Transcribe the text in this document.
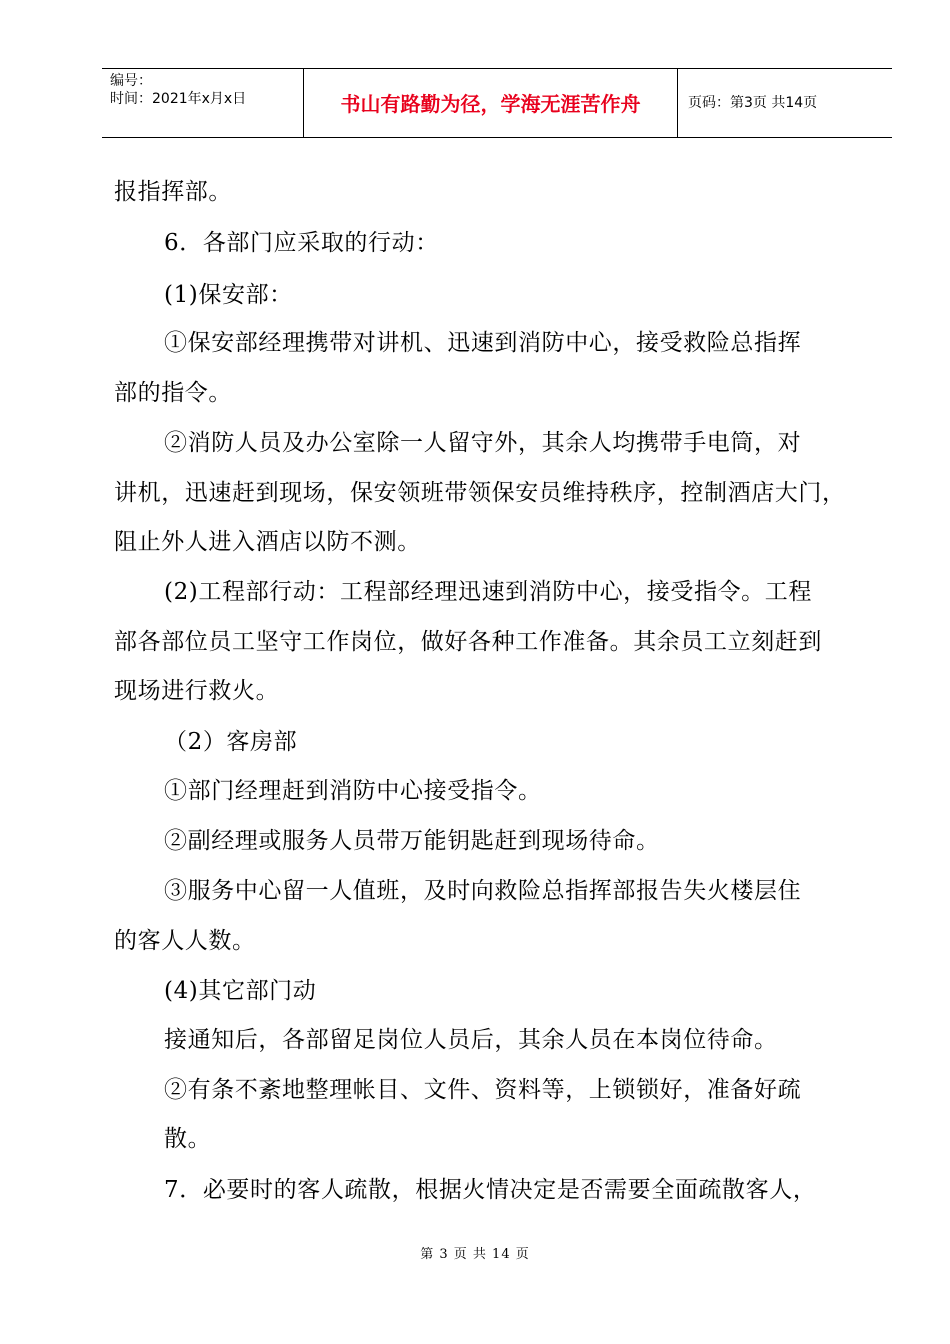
编号：
时间：2021年x月x日	书山有路勤为径，学海无涯苦作舟	页码：第3页 共14页
报指挥部。
6．各部门应采取的行动：
(1)保安部：
①保安部经理携带对讲机、迅速到消防中心，接受救险总指挥
部的指令。
②消防人员及办公室除一人留守外，其余人均携带手电筒，对
讲机，迅速赶到现场，保安领班带领保安员维持秩序，控制酒店大门，
阻止外人进入酒店以防不测。
(2)工程部行动：工程部经理迅速到消防中心，接受指令。工程
部各部位员工坚守工作岗位，做好各种工作准备。其余员工立刻赶到
现场进行救火。
（2）客房部
①部门经理赶到消防中心接受指令。
②副经理或服务人员带万能钥匙赶到现场待命。
③服务中心留一人值班，及时向救险总指挥部报告失火楼层住
的客人人数。
(4)其它部门动
接通知后，各部留足岗位人员后，其余人员在本岗位待命。
②有条不紊地整理帐目、文件、资料等，上锁锁好，准备好疏
散。
7．必要时的客人疏散，根据火情决定是否需要全面疏散客人，
第 3 页 共 14 页
